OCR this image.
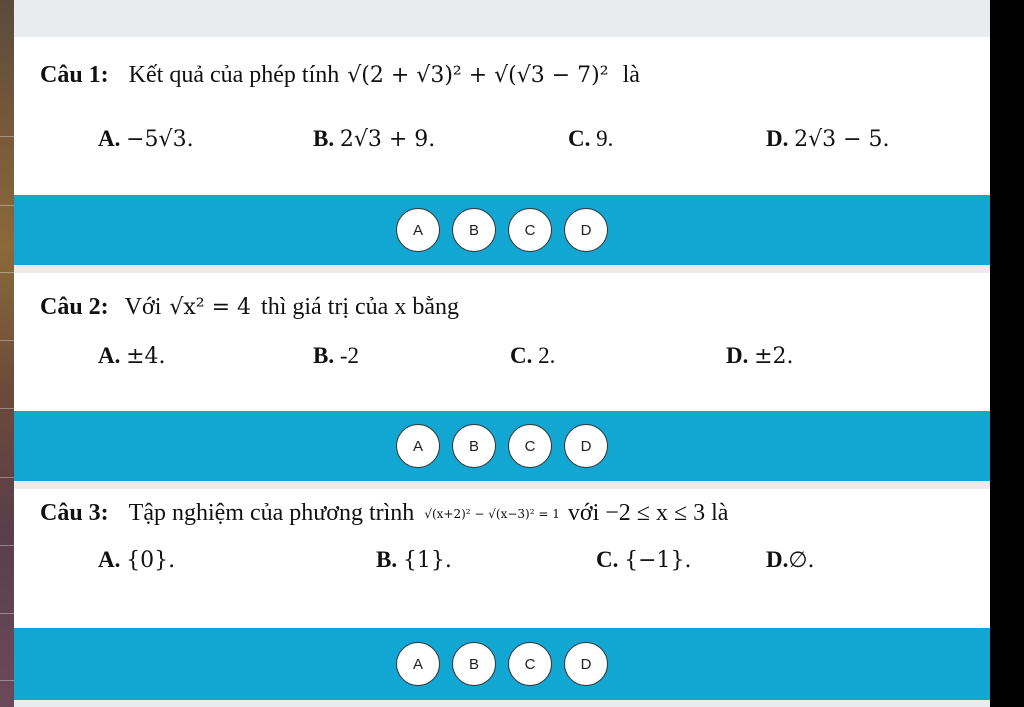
Câu 1: Kết quả của phép tính √(2 + √3)² + √(√3 − 7)² là
A. −5√3.	B. 2√3 + 9.	C. 9.	D. 2√3 − 5.
A	B	C	D
Câu 2: Với √x² = 4 thì giá trị của x bằng
A. ±4.	B. -2	C. 2.	D. ±2.
A	B	C	D
Câu 3: Tập nghiệm của phương trình √(x+2)² − √(x−3)² = 1 với −2 ≤ x ≤ 3 là
A. {0}.	B. {1}.	C. {−1}.	D.∅.
A	B	C	D
